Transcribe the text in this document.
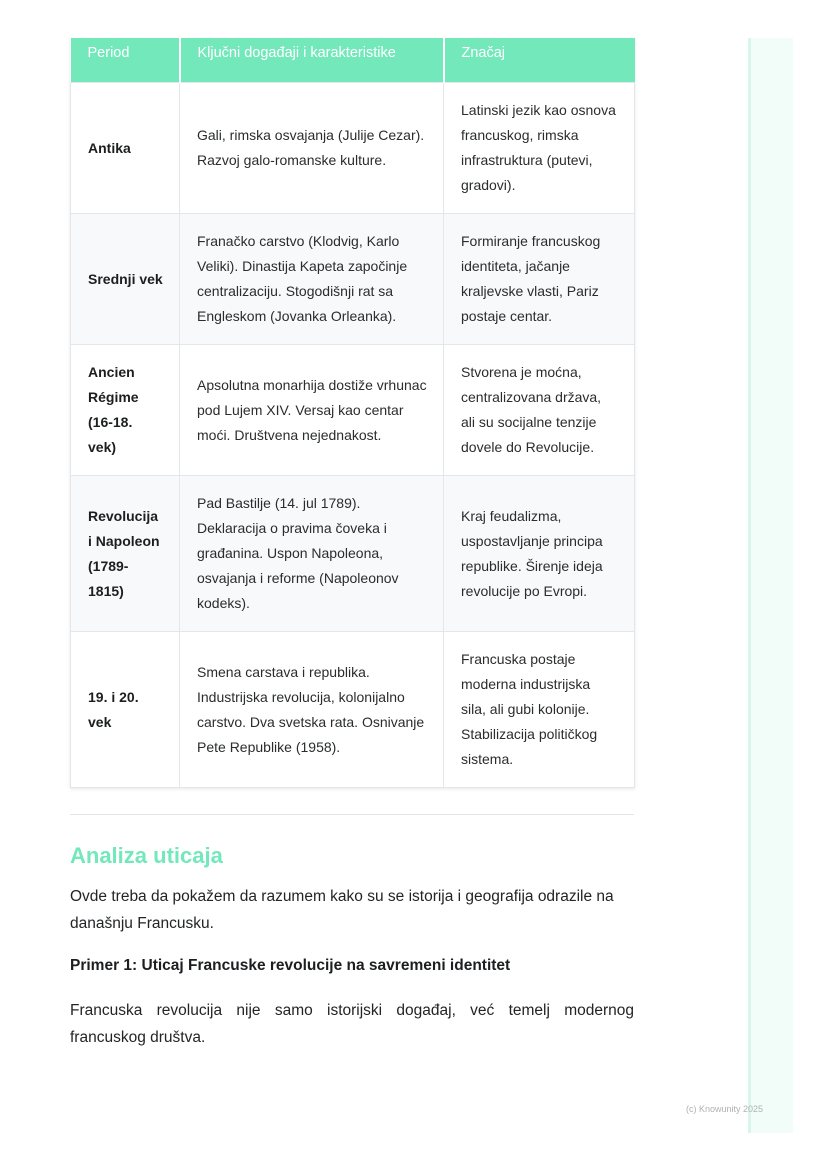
Period	Ključni događaji i karakteristike	Značaj
Antika	Gali, rimska osvajanja (Julije Cezar). Razvoj galo-romanske kulture.	Latinski jezik kao osnova francuskog, rimska infrastruktura (putevi, gradovi).
Srednji vek	Franačko carstvo (Klodvig, Karlo Veliki). Dinastija Kapeta započinje centralizaciju. Stogodišnji rat sa Engleskom (Jovanka Orleanka).	Formiranje francuskog identiteta, jačanje kraljevske vlasti, Pariz postaje centar.
Ancien Régime (16-18. vek)	Apsolutna monarhija dostiže vrhunac pod Lujem XIV. Versaj kao centar moći. Društvena nejednakost.	Stvorena je moćna, centralizovana država, ali su socijalne tenzije dovele do Revolucije.
Revolucija i Napoleon (1789-1815)	Pad Bastilje (14. jul 1789). Deklaracija o pravima čoveka i građanina. Uspon Napoleona, osvajanja i reforme (Napoleonov kodeks).	Kraj feudalizma, uspostavljanje principa republike. Širenje ideja revolucije po Evropi.
19. i 20. vek	Smena carstava i republika. Industrijska revolucija, kolonijalno carstvo. Dva svetska rata. Osnivanje Pete Republike (1958).	Francuska postaje moderna industrijska sila, ali gubi kolonije. Stabilizacija političkog sistema.
Analiza uticaja

Ovde treba da pokažem da razumem kako su se istorija i geografija odrazile na današnju Francusku.

Primer 1: Uticaj Francuske revolucije na savremeni identitet

Francuska revolucija nije samo istorijski događaj, već temelj modernog francuskog društva.

(c) Knowunity 2025
